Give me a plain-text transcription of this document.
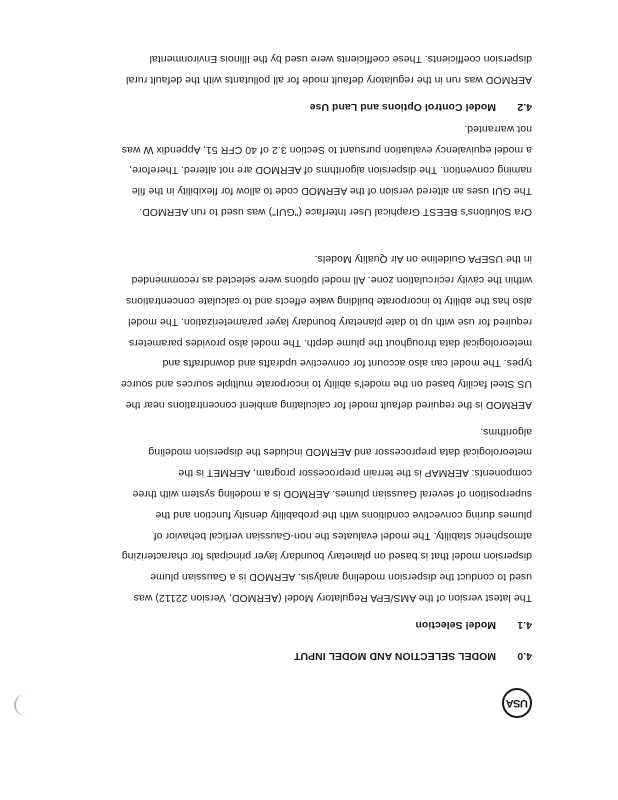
USA
4.0MODEL SELECTION AND MODEL INPUT
4.1Model Selection
The latest version of the AMS/EPA Regulatory Model (AERMOD, Version 22112) was
used to conduct the dispersion modeling analysis. AERMOD is a Gaussian plume
dispersion model that is based on planetary boundary layer principals for characterizing
atmospheric stability. The model evaluates the non-Gaussian vertical behavior of
plumes during convective conditions with the probability density function and the
superposition of several Gaussian plumes. AERMOD is a modeling system with three
components: AERMAP is the terrain preprocessor program, AERMET is the
meteorological data preprocessor and AERMOD includes the dispersion modeling
algorithms.
AERMOD is the required default model for calculating ambient concentrations near the
US Steel facility based on the model's ability to incorporate multiple sources and source
types. The model can also account for convective updrafts and downdrafts and
meteorological data throughout the plume depth. The model also provides parameters
required for use with up to date planetary boundary layer parameterization. The model
also has the ability to incorporate building wake effects and to calculate concentrations
within the cavity recirculation zone. All model options were selected as recommended
in the USEPA Guideline on Air Quality Models.
Ora Solutions's BEEST Graphical User Interface ("GUI") was used to run AERMOD.
The GUI uses an altered version of the AERMOD code to allow for flexibility in the file
naming convention. The dispersion algorithms of AERMOD are not altered. Therefore,
a model equivalency evaluation pursuant to Section 3.2 of 40 CFR 51, Appendix W was
not warranted.
4.2Model Control Options and Land Use
AERMOD was run in the regulatory default mode for all pollutants with the default rural
dispersion coefficients. These coefficients were used by the Illinois Environmental
